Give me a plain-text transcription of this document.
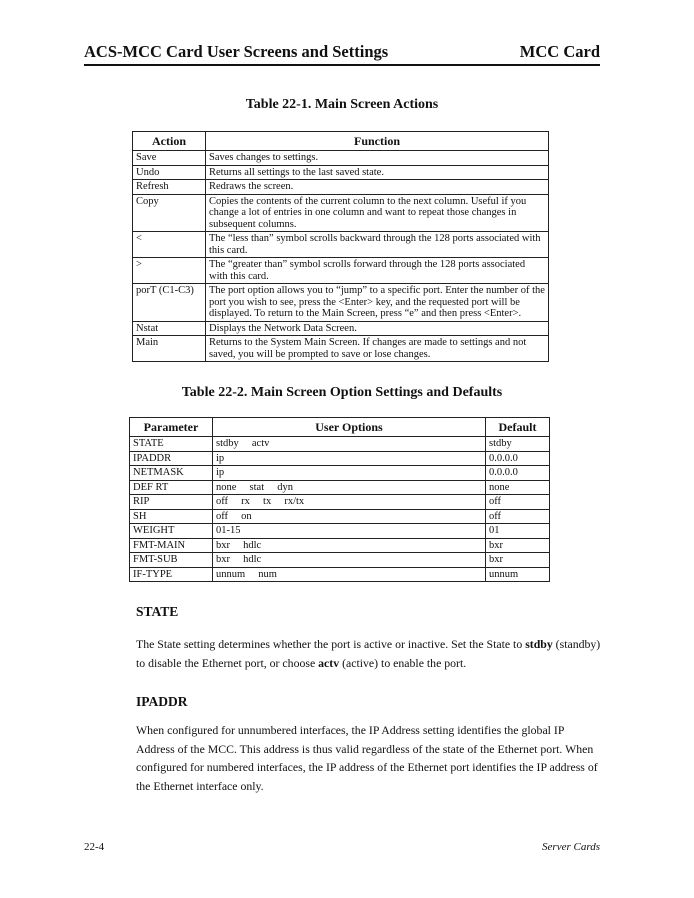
ACS-MCC Card User Screens and Settings	MCC Card
Table 22-1. Main Screen Actions
Action	Function
Save	Saves changes to settings.
Undo	Returns all settings to the last saved state.
Refresh	Redraws the screen.
Copy	Copies the contents of the current column to the next column. Useful if you change a lot of entries in one column and want to repeat those changes in subsequent columns.
<	The “less than” symbol scrolls backward through the 128 ports associated with this card.
>	The “greater than” symbol scrolls forward through the 128 ports associated with this card.
porT (C1-C3)	The port option allows you to “jump” to a specific port. Enter the number of the port you wish to see, press the <Enter> key, and the requested port will be displayed. To return to the Main Screen, press “e” and then press <Enter>.
Nstat	Displays the Network Data Screen.
Main	Returns to the System Main Screen. If changes are made to settings and not saved, you will be prompted to save or lose changes.
Table 22-2. Main Screen Option Settings and Defaults
Parameter	User Options	Default
STATE	stdby     actv	stdby
IPADDR	ip	0.0.0.0
NETMASK	ip	0.0.0.0
DEF RT	none     stat     dyn	none
RIP	off     rx     tx     rx/tx	off
SH	off     on	off
WEIGHT	01-15	01
FMT-MAIN	bxr     hdlc	bxr
FMT-SUB	bxr     hdlc	bxr
IF-TYPE	unnum     num	unnum
STATE
The State setting determines whether the port is active or inactive. Set the State to stdby (standby) to disable the Ethernet port, or choose actv (active) to enable the port.
IPADDR
When configured for unnumbered interfaces, the IP Address setting identifies the global IP Address of the MCC. This address is thus valid regardless of the state of the Ethernet port. When configured for numbered interfaces, the IP address of the Ethernet port identifies the IP address of the Ethernet interface only.
22-4	Server Cards
